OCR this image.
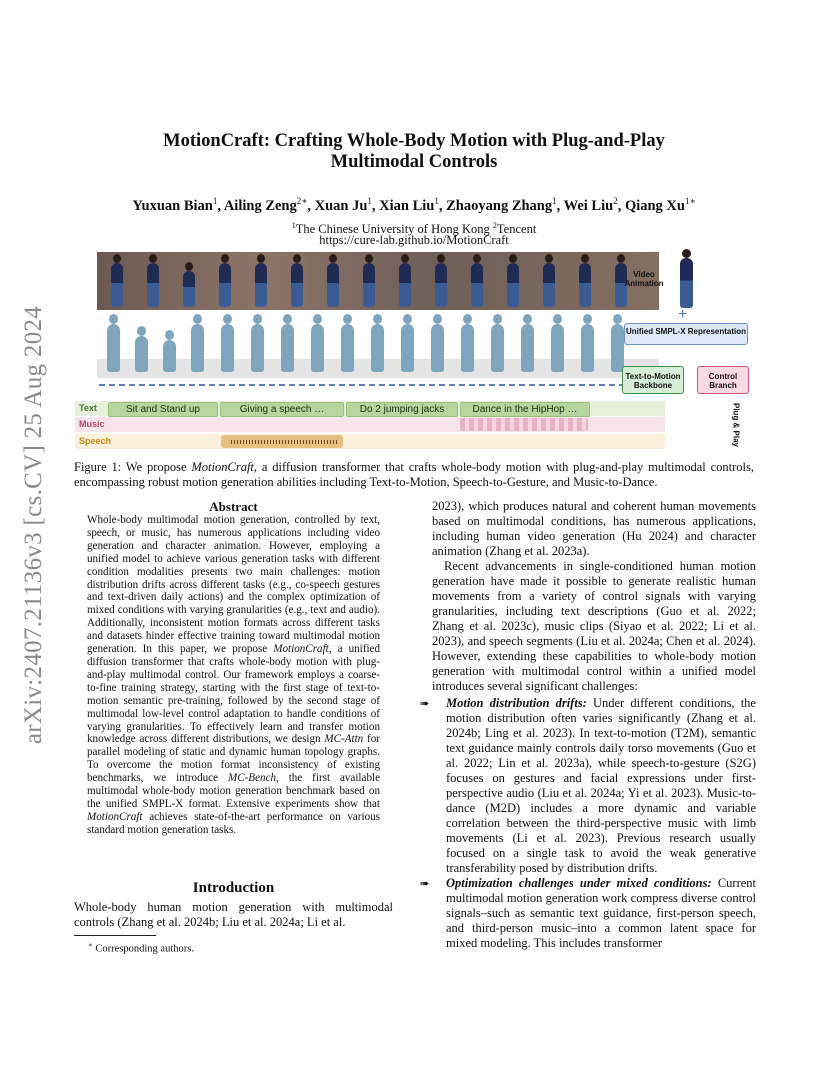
arXiv:2407.21136v3 [cs.CV] 25 Aug 2024
MotionCraft: Crafting Whole-Body Motion with Plug-and-Play
Multimodal Controls
Yuxuan Bian$^1$, Ailing Zeng$^{2∗}$, Xuan Ju$^1$, Xian Liu$^1$, Zhaoyang Zhang$^1$, Wei Liu$^2$, Qiang $Xu^{1∗}$
$^1$The Chinese University of Hong Kong $^2$Tencent
https://cure-lab.github.io/MotionCraft
Video Animation
+
Unified SMPL-X Representation
Text-to-Motion Backbone
Control Branch
Plug & Play
Text	Sit and Stand up	Giving a speech …	Do 2 jumping jacks	Dance in the HipHop …
Music
Speech
Figure 1: We propose MotionCraft, a diffusion transformer that crafts whole-body motion with plug-and-play multimodal controls, encompassing robust motion generation abilities including Text-to-Motion, Speech-to-Gesture, and Music-to-Dance.
Abstract
Whole-body multimodal motion generation, controlled by text, speech, or music, has numerous applications including video generation and character animation. However, employing a unified model to achieve various generation tasks with different condition modalities presents two main challenges: motion distribution drifts across different tasks (e.g., co-speech gestures and text-driven daily actions) and the complex optimization of mixed conditions with varying granularities (e.g., text and audio). Additionally, inconsistent motion formats across different tasks and datasets hinder effective training toward multimodal motion generation. In this paper, we propose MotionCraft, a unified diffusion transformer that crafts whole-body motion with plug-and-play multimodal control. Our framework employs a coarse-to-fine training strategy, starting with the first stage of text-to-motion semantic pre-training, followed by the second stage of multimodal low-level control adaptation to handle conditions of varying granularities. To effectively learn and transfer motion knowledge across different distributions, we design MC-Attn for parallel modeling of static and dynamic human topology graphs. To overcome the motion format inconsistency of existing benchmarks, we introduce MC-Bench, the first available multimodal whole-body motion generation benchmark based on the unified SMPL-X format. Extensive experiments show that MotionCraft achieves state-of-the-art performance on various standard motion generation tasks.
Introduction
Whole-body human motion generation with multimodal controls (Zhang et al. 2024b; Liu et al. 2024a; Li et al.
∗ Corresponding authors.

2023), which produces natural and coherent human movements based on multimodal conditions, has numerous applications, including human video generation (Hu 2024) and character animation (Zhang et al. 2023a).

Recent advancements in single-conditioned human motion generation have made it possible to generate realistic human movements from a variety of control signals with varying granularities, including text descriptions (Guo et al. 2022; Zhang et al. 2023c), music clips (Siyao et al. 2022; Li et al. 2023), and speech segments (Liu et al. 2024a; Chen et al. 2024). However, extending these capabilities to whole-body motion generation with multimodal control within a unified model introduces several significant challenges:

➠ Motion distribution drifts: Under different conditions, the motion distribution often varies significantly (Zhang et al. 2024b; Ling et al. 2023). In text-to-motion (T2M), semantic text guidance mainly controls daily torso movements (Guo et al. 2022; Lin et al. 2023a), while speech-to-gesture (S2G) focuses on gestures and facial expressions under first-perspective audio (Liu et al. 2024a; Yi et al. 2023). Music-to-dance (M2D) includes a more dynamic and variable correlation between the third-perspective music with limb movements (Li et al. 2023). Previous research usually focused on a single task to avoid the weak generative transferability posed by distribution drifts.

➠ Optimization challenges under mixed conditions: Current multimodal motion generation work compress diverse control signals–such as semantic text guidance, first-person speech, and third-person music–into a common latent space for mixed modeling. This includes transformer
